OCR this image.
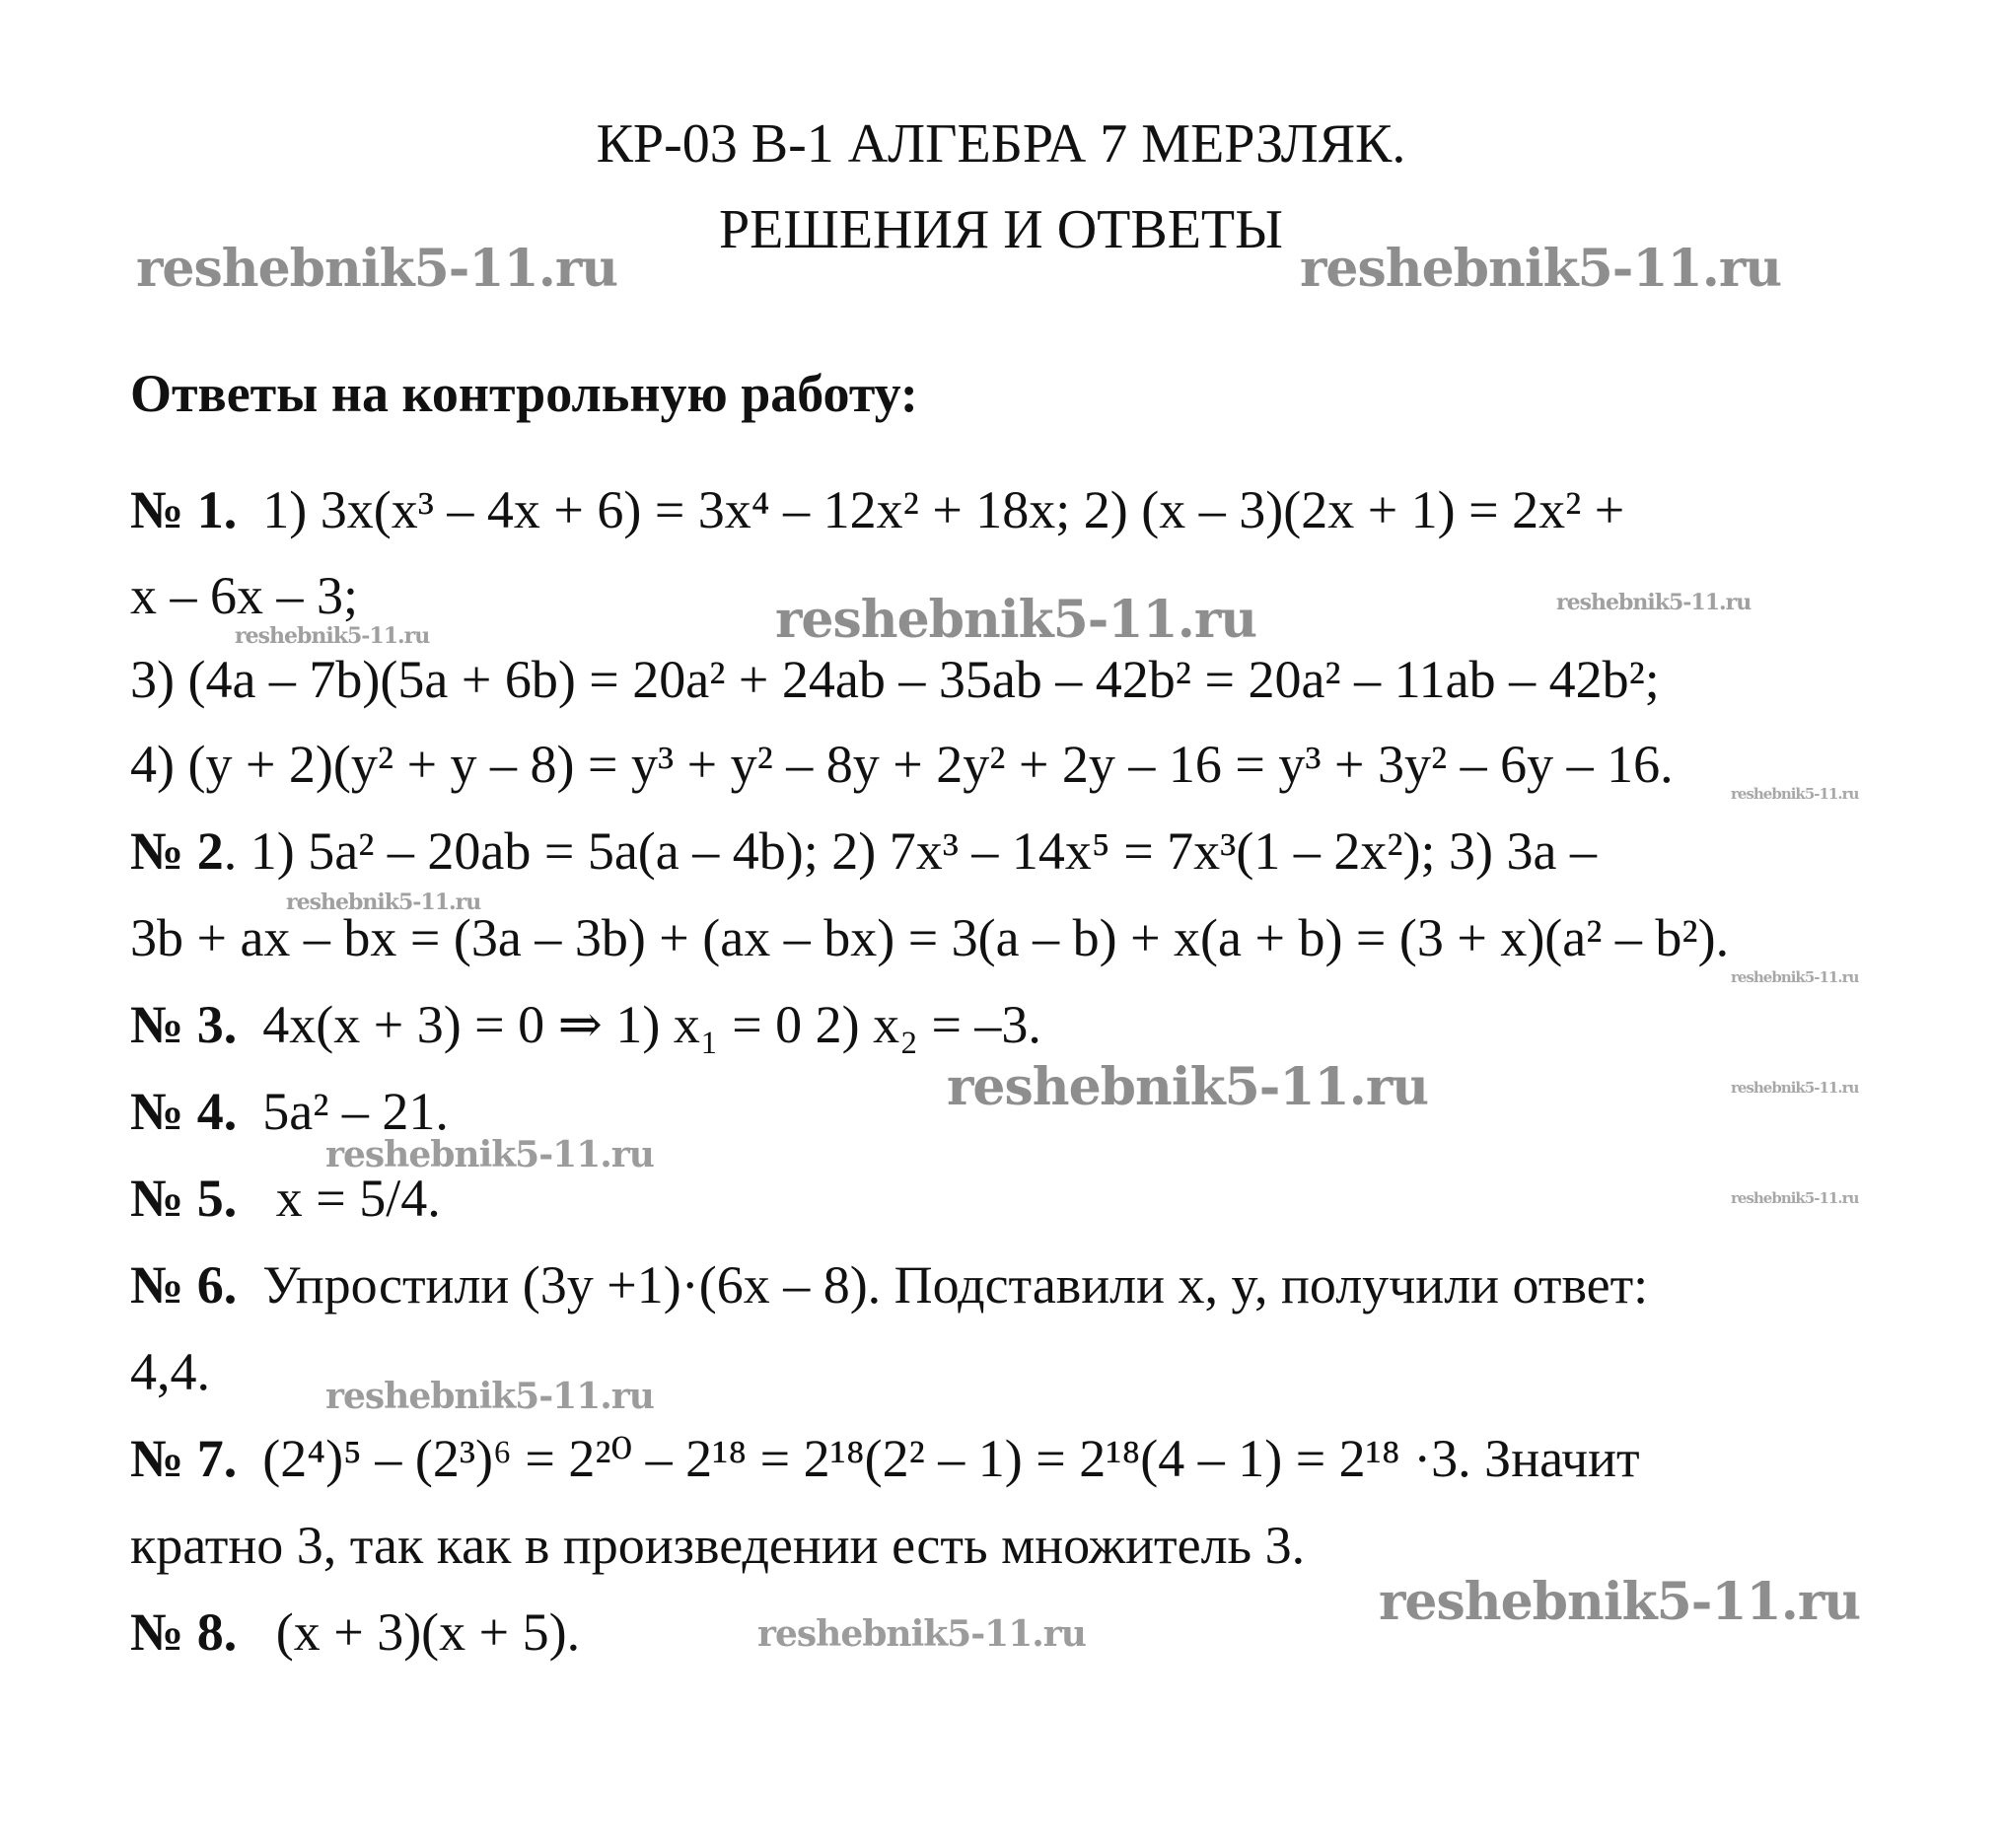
КР-03 В-1 АЛГЕБРА 7 МЕРЗЛЯК.
РЕШЕНИЯ И ОТВЕТЫ
reshebnik5-11.ru	reshebnik5-11.ru
reshebnik5-11.ru	reshebnik5-11.ru
reshebnik5-11.ru
reshebnik5-11.ru
reshebnik5-11.ru
reshebnik5-11.ru
reshebnik5-11.ru	reshebnik5-11.ru
reshebnik5-11.ru
reshebnik5-11.ru
reshebnik5-11.ru
reshebnik5-11.ru
reshebnik5-11.ru
Ответы на контрольную работу:
№ 1. 1) 3x(x³ – 4x + 6) = 3x⁴ – 12x² + 18x; 2) (x – 3)(2x + 1) = 2x² +
x – 6x – 3;
3) (4a – 7b)(5a + 6b) = 20a² + 24ab – 35ab – 42b² = 20a² – 11ab – 42b²;
4) (y + 2)(y² + y – 8) = y³ + y² – 8y + 2y² + 2y – 16 = y³ + 3y² – 6y – 16.
№ 2. 1) 5a² – 20ab = 5a(a – 4b); 2) 7x³ – 14x⁵ = 7x³(1 – 2x²); 3) 3a –
3b + ax – bx = (3a – 3b) + (ax – bx) = 3(a – b) + x(a + b) = (3 + x)(a² – b²).
№ 3. 4x(x + 3) = 0 ⇒ 1) x₁ = 0 2) x₂ = –3.
№ 4. 5a² – 21.
№ 5. x = 5/4.
№ 6. Упростили (3y +1)·(6x – 8). Подставили x, y, получили ответ:
4,4.
№ 7. (2⁴)⁵ – (2³)⁶ = 2²⁰ – 2¹⁸ = 2¹⁸(2² – 1) = 2¹⁸(4 – 1) = 2¹⁸ ·3. Значит
кратно 3, так как в произведении есть множитель 3.
№ 8. (x + 3)(x + 5).
